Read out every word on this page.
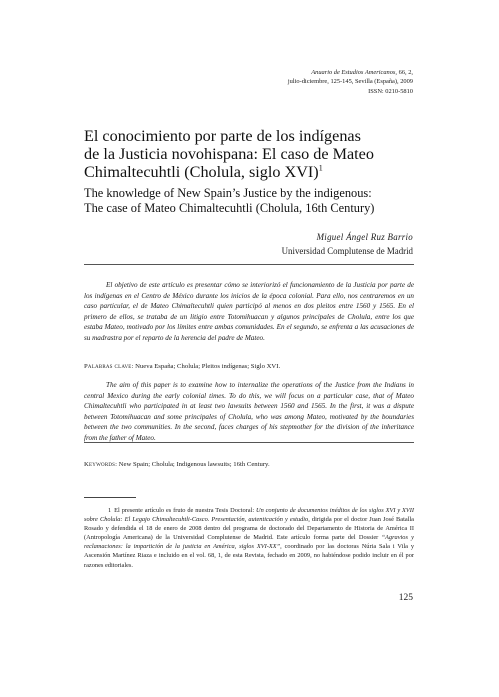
Anuario de Estudios Americanos, 66, 2,
julio-diciembre, 125-145, Sevilla (España), 2009
ISSN: 0210-5810
El conocimiento por parte de los indígenas
de la Justicia novohispana: El caso de Mateo
Chimaltecuhtli (Cholula, siglo XVI)$^1$
The knowledge of New Spain’s Justice by the indigenous:
The case of Mateo Chimaltecuhtli (Cholula, 16th Century)
Miguel Ángel Ruz Barrio
Universidad Complutense de Madrid

El objetivo de este artículo es presentar cómo se interiorizó el funcionamiento de la Justicia por parte de los indígenas en el Centro de México durante los inicios de la época colonial. Para ello, nos centraremos en un caso particular, el de Mateo Chimaltecuhtli quien participó al menos en dos pleitos entre 1560 y 1565. En el primero de ellos, se trataba de un litigio entre Totomihuacan y algunos principales de Cholula, entre los que estaba Mateo, motivado por los límites entre ambas comunidades. En el segundo, se enfrenta a las acusaciones de su madrastra por el reparto de la herencia del padre de Mateo.

Palabras clave: Nueva España; Cholula; Pleitos indígenas; Siglo XVI.

The aim of this paper is to examine how to internalize the operations of the Justice from the Indians in central Mexico during the early colonial times. To do this, we will focus on a particular case, that of Mateo Chimaltecuhtli who participated in at least two lawsuits between 1560 and 1565. In the first, it was a dispute between Totomihuacan and some principales of Cholula, who was among Mateo, motivated by the boundaries between the two communities. In the second, faces charges of his stepmother for the division of the inheritance from the father of Mateo.

Keywords: New Spain; Cholula; Indigenous lawsuits; 16th Century.

1 El presente artículo es fruto de nuestra Tesis Doctoral: Un conjunto de documentos inéditos de los siglos XVI y XVII sobre Cholula: El Legajo Chimaltecuhtli-Casco. Presentación, autenticación y estudio, dirigida por el doctor Juan José Batalla Rosado y defendida el 18 de enero de 2008 dentro del programa de doctorado del Departamento de Historia de América II (Antropología Americana) de la Universidad Complutense de Madrid. Este artículo forma parte del Dossier “Agravios y reclamaciones: la impartición de la justicia en América, siglos XVI-XX”, coordinado por las doctoras Núria Sala i Vila y Ascensión Martínez Riaza e incluido en el vol. 68, 1, de esta Revista, fechado en 2009, no habiéndose podido incluir en él por razones editoriales.

125
